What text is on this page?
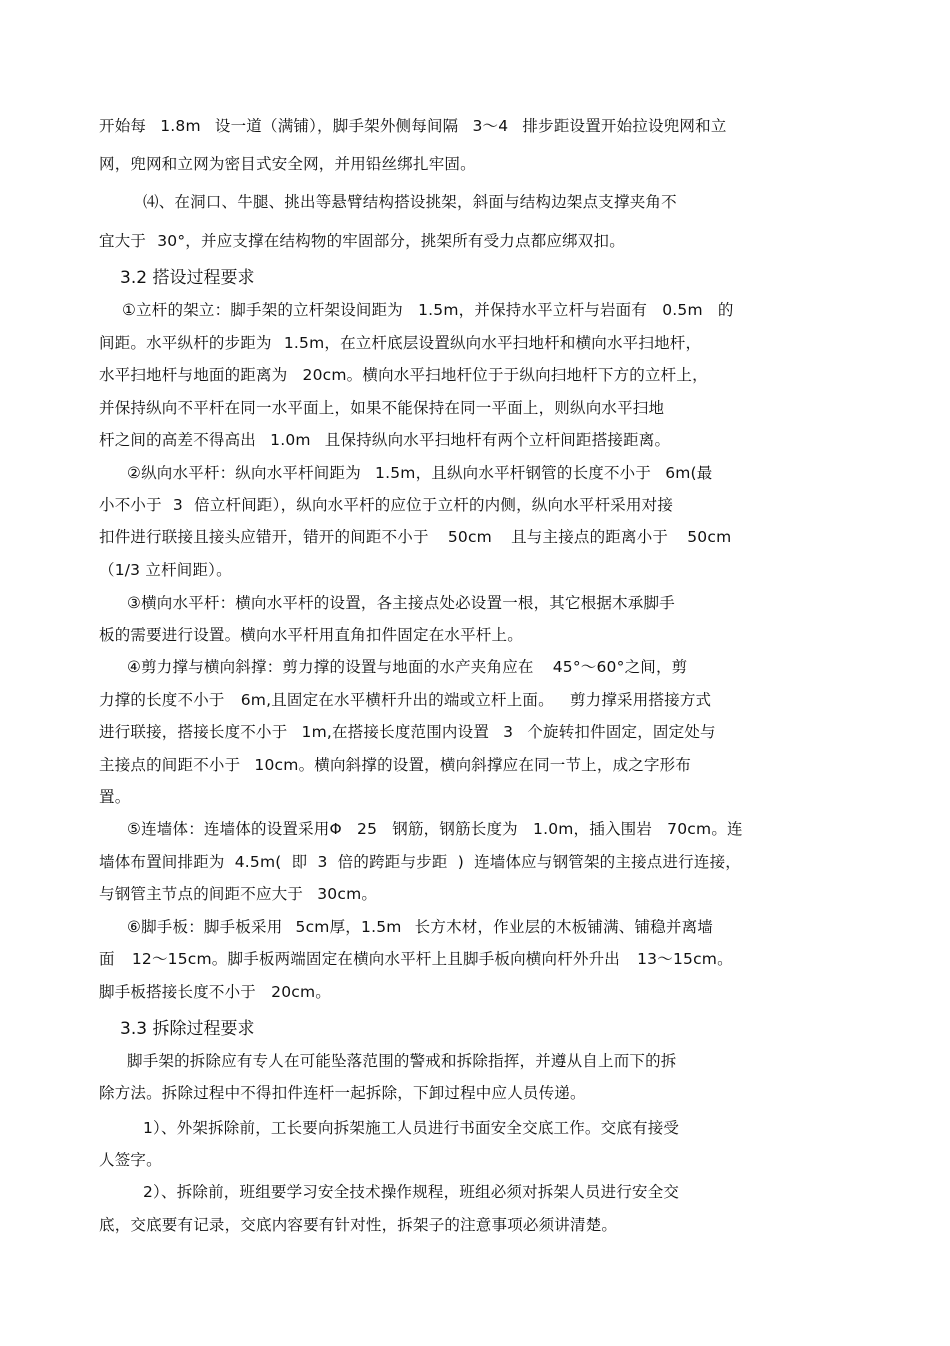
开始每 1.8m 设一道（满铺），脚手架外侧每间隔 3～4 排步距设置开始拉设兜网和立
网，兜网和立网为密目式安全网，并用铅丝绑扎牢固。
⑷、在洞口、牛腿、挑出等悬臂结构搭设挑架，斜面与结构边架点支撑夹角不
宜大于 30°，并应支撑在结构物的牢固部分，挑架所有受力点都应绑双扣。
3.2 搭设过程要求
①立杆的架立：脚手架的立杆架设间距为 1.5m，并保持水平立杆与岩面有 0.5m 的
间距。水平纵杆的步距为 1.5m，在立杆底层设置纵向水平扫地杆和横向水平扫地杆，
水平扫地杆与地面的距离为 20cm。横向水平扫地杆位于于纵向扫地杆下方的立杆上，
并保持纵向不平杆在同一水平面上，如果不能保持在同一平面上，则纵向水平扫地
杆之间的高差不得高出 1.0m 且保持纵向水平扫地杆有两个立杆间距搭接距离。
②纵向水平杆：纵向水平杆间距为 1.5m，且纵向水平杆钢管的长度不小于 6m(最
小不小于 3 倍立杆间距），纵向水平杆的应位于立杆的内侧，纵向水平杆采用对接
扣件进行联接且接头应错开，错开的间距不小于 50cm 且与主接点的距离小于 50cm
（1/3 立杆间距）。
③横向水平杆：横向水平杆的设置，各主接点处必设置一根，其它根据木承脚手
板的需要进行设置。横向水平杆用直角扣件固定在水平杆上。
④剪力撑与横向斜撑：剪力撑的设置与地面的水产夹角应在 45°～60°之间，剪
力撑的长度不小于 6m,且固定在水平横杆升出的端或立杆上面。 剪力撑采用搭接方式
进行联接，搭接长度不小于 1m,在搭接长度范围内设置 3 个旋转扣件固定，固定处与
主接点的间距不小于 10cm。横向斜撑的设置，横向斜撑应在同一节上，成之字形布
置。
⑤连墙体：连墙体的设置采用Φ 25 钢筋，钢筋长度为 1.0m，插入围岩 70cm。连
墙体布置间排距为 4.5m( 即 3 倍的跨距与步距 ) 连墙体应与钢管架的主接点进行连接，
与钢管主节点的间距不应大于 30cm。
⑥脚手板：脚手板采用 5cm厚，1.5m 长方木材，作业层的木板铺满、铺稳并离墙
面 12～15cm。脚手板两端固定在横向水平杆上且脚手板向横向杆外升出 13～15cm。
脚手板搭接长度不小于 20cm。
3.3 拆除过程要求
脚手架的拆除应有专人在可能坠落范围的警戒和拆除指挥，并遵从自上而下的拆
除方法。拆除过程中不得扣件连杆一起拆除，下卸过程中应人员传递。
1）、外架拆除前，工长要向拆架施工人员进行书面安全交底工作。交底有接受
人签字。
2）、拆除前，班组要学习安全技术操作规程，班组必须对拆架人员进行安全交
底，交底要有记录，交底内容要有针对性，拆架子的注意事项必须讲清楚。
